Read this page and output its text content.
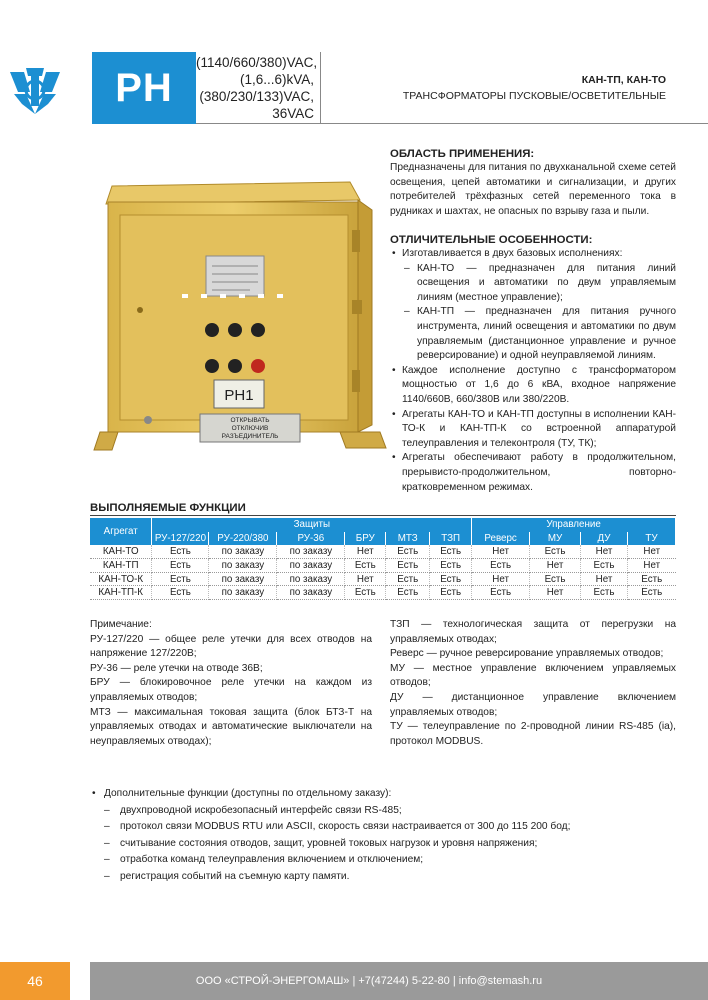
РН
(1140/660/380)VAC,
(1,6...6)kVA,
(380/230/133)VAC,
36VAC
КАН-ТП, КАН-ТО
ТРАНСФОРМАТОРЫ ПУСКОВЫЕ/ОСВЕТИТЕЛЬНЫЕ
РН1
ОТКРЫВАТЬ
ОТКЛЮЧИВ
РАЗЪЕДИНИТЕЛЬ
ОБЛАСТЬ ПРИМЕНЕНИЯ:
Предназначены для питания по двухканальной схеме сетей освещения, цепей автоматики и сигнализации, и других потребителей трёхфазных сетей переменного тока в рудниках и шахтах, не опасных по взрыву газа и пыли.
ОТЛИЧИТЕЛЬНЫЕ ОСОБЕННОСТИ:
• Изготавливается в двух базовых исполнениях:
– КАН-ТО — предназначен для питания линий освещения и автоматики по двум управляемым линиям (местное управление);
– КАН-ТП — предназначен для питания ручного инструмента, линий освещения и автоматики по двум управляемым (дистанционное управление и ручное реверсирование) и одной неуправляемой линиям.
• Каждое исполнение доступно с трансформатором мощностью от 1,6 до 6 кВА, входное напряжение 1140/660В, 660/380В или 380/220В.
• Агрегаты КАН-ТО и КАН-ТП доступны в исполнении КАН-ТО-К и КАН-ТП-К со встроенной аппаратурой телеуправления и телеконтроля (ТУ, ТК);
• Агрегаты обеспечивают работу в продолжительном, прерывисто-продолжительном, повторно-кратковременном режимах.
ВЫПОЛНЯЕМЫЕ ФУНКЦИИ
Агрегат	Защиты						Управление			
	РУ-127/220	РУ-220/380	РУ-36	БРУ	МТЗ	ТЗП	Реверс	МУ	ДУ	ТУ
КАН-ТО	Есть	по заказу	по заказу	Нет	Есть	Есть	Нет	Есть	Нет	Нет
КАН-ТП	Есть	по заказу	по заказу	Есть	Есть	Есть	Есть	Нет	Есть	Нет
КАН-ТО-К	Есть	по заказу	по заказу	Нет	Есть	Есть	Нет	Есть	Нет	Есть
КАН-ТП-К	Есть	по заказу	по заказу	Есть	Есть	Есть	Есть	Нет	Есть	Есть
Примечание:
РУ-127/220 — общее реле утечки для всех отводов на напряжение 127/220В;
РУ-36 — реле утечки на отводе 36В;
БРУ — блокировочное реле утечки на каждом из управляемых отводов;
МТЗ — максимальная токовая защита (блок БТЗ-Т на управляемых отводах и автоматические выключатели на неуправляемых отводах);
ТЗП — технологическая защита от перегрузки на управляемых отводах;
Реверс — ручное реверсирование управляемых отводов;
МУ — местное управление включением управляемых отводов;
ДУ — дистанционное управление включением управляемых отводов;
ТУ — телеуправление по 2-проводной линии RS-485 (ia), протокол MODBUS.
• Дополнительные функции (доступны по отдельному заказу):
– двухпроводной искробезопасный интерфейс связи RS-485;
– протокол связи MODBUS RTU или ASCII, скорость связи настраивается от 300 до 115 200 бод;
– считывание состояния отводов, защит, уровней токовых нагрузок и уровня напряжения;
– отработка команд телеуправления включением и отключением;
– регистрация событий на съемную карту памяти.
46	ООО «СТРОЙ-ЭНЕРГОМАШ» | +7(47244) 5-22-80 | info@stemash.ru
